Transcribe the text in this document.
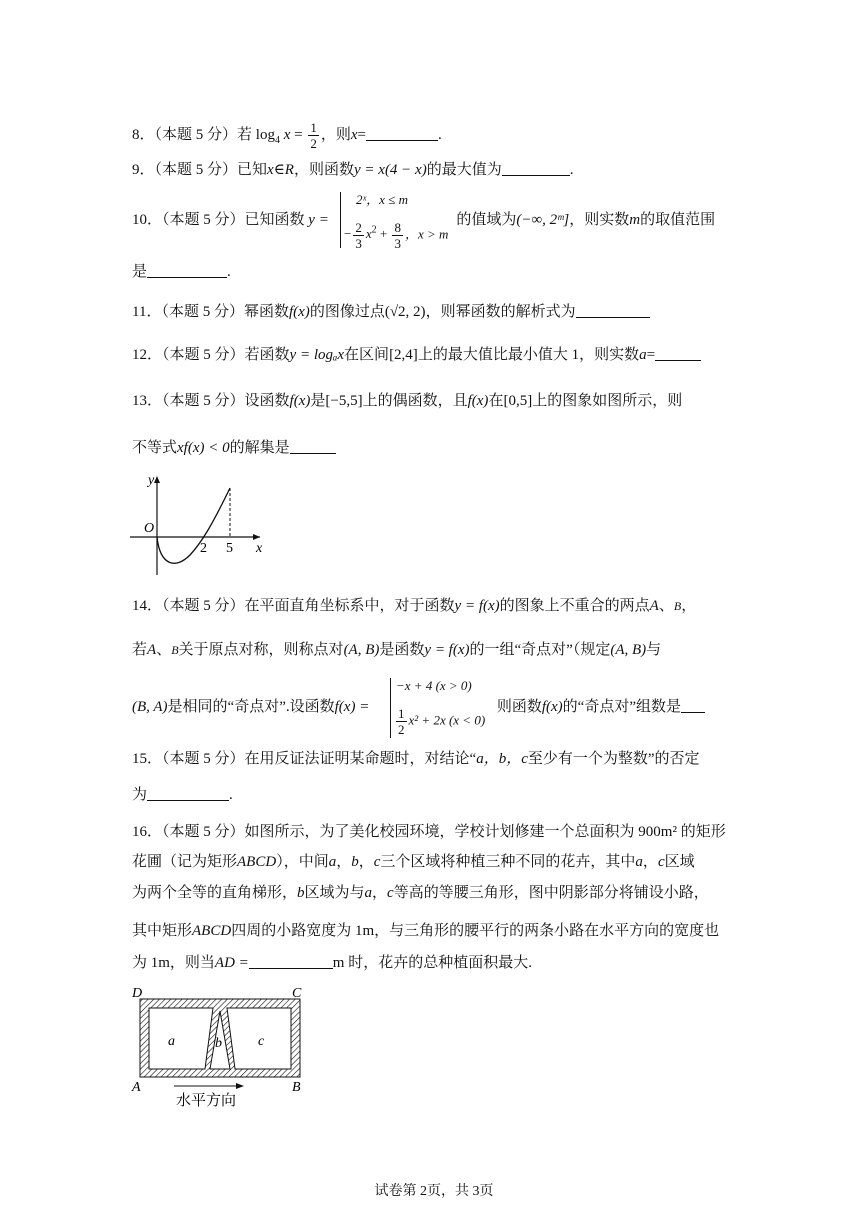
8．（本题 5 分）若 $\log_4 x = \frac{1}{2}$ ，则x=	.
9．（本题 5 分）已知x∈R，则函数y = x(4 − x)的最大值为	.
10．（本题 5 分）已知函数 y =	的值域为(−∞, 2ᵐ]，则实数m的取值范围
2ˣ，x ≤ m
− $\frac{2}{3} x^2 + \frac{8}{3}$ ，x > m
是	.
11．（本题 5 分）幂函数f(x)的图像过点(√2, 2)，则幂函数的解析式为
12．（本题 5 分）若函数y = logₐx在区间[2,4]上的最大值比最小值大 1，则实数a=
13．（本题 5 分）设函数f(x)是[−5,5]上的偶函数，且f(x)在[0,5]上的图象如图所示，则
不等式xf(x) < 0的解集是
y
x
O
2 5
14．（本题 5 分）在平面直角坐标系中，对于函数y = f(x)的图象上不重合的两点A、B，
若A、B关于原点对称，则称点对(A, B)是函数y = f(x)的一组“奇点对”（规定(A, B)与
(B, A)是相同的“奇点对”.设函数f(x) =	则函数f(x)的“奇点对”组数是
−x + 4 (x > 0)
$\frac{1}{2} x^2 + 2x$ (x < 0)
15．（本题 5 分）在用反证法证明某命题时，对结论“a，b，c至少有一个为整数”的否定
为	.
16．（本题 5 分）如图所示，为了美化校园环境，学校计划修建一个总面积为 900m² 的矩形
花圃（记为矩形ABCD），中间a，b，c三个区域将种植三种不同的花卉，其中a，c区域
为两个全等的直角梯形，b区域为与a，c等高的等腰三角形，图中阴影部分将铺设小路，
其中矩形ABCD四周的小路宽度为 1m，与三角形的腰平行的两条小路在水平方向的宽度也
为 1m，则当AD =	m 时，花卉的总种植面积最大.
D	C
A	B
a	b	c
水平方向
试卷第 2页，共 3页
